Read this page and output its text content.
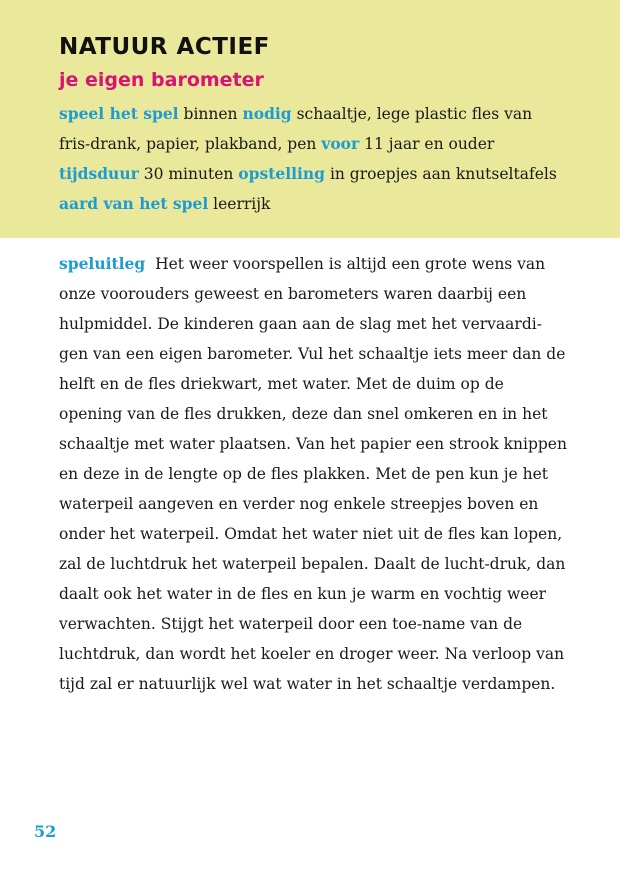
NATUUR ACTIEF
je eigen barometer

speel het spel binnen nodig schaaltje, lege plastic fles van fris-drank, papier, plakband, pen voor 11 jaar en ouder tijdsduur 30 minuten opstelling in groepjes aan knutseltafels aard van het spel leerrijk

speluitleg Het weer voorspellen is altijd een grote wens van onze voorouders geweest en barometers waren daarbij een hulpmiddel. De kinderen gaan aan de slag met het vervaardi-gen van een eigen barometer. Vul het schaaltje iets meer dan de helft en de fles driekwart, met water. Met de duim op de opening van de fles drukken, deze dan snel omkeren en in het schaaltje met water plaatsen. Van het papier een strook knippen en deze in de lengte op de fles plakken. Met de pen kun je het waterpeil aangeven en verder nog enkele streepjes boven en onder het waterpeil. Omdat het water niet uit de fles kan lopen, zal de luchtdruk het waterpeil bepalen. Daalt de lucht-druk, dan daalt ook het water in de fles en kun je warm en vochtig weer verwachten. Stijgt het waterpeil door een toe-name van de luchtdruk, dan wordt het koeler en droger weer. Na verloop van tijd zal er natuurlijk wel wat water in het schaaltje verdampen.

52
